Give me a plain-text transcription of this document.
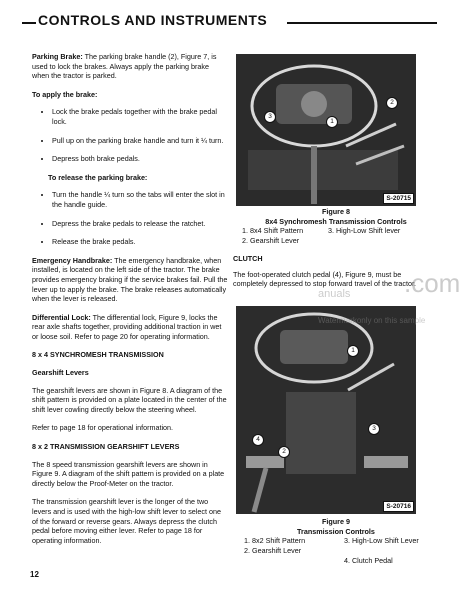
CONTROLS AND INSTRUMENTS

Parking Brake: The parking brake handle (2), Figure 7, is used to lock the brakes. Always apply the parking brake when the tractor is parked.

To apply the brake:

• Lock the brake pedals together with the brake pedal lock.
• Pull up on the parking brake handle and turn it ¼ turn.
• Depress both brake pedals.

To release the parking brake:

• Turn the handle ¼ turn so the tabs will enter the slot in the handle guide.
• Depress the brake pedals to release the ratchet.
• Release the brake pedals.

Emergency Handbrake: The emergency handbrake, when installed, is located on the left side of the tractor. The brake provides emergency braking if the service brakes fail. Pull the lever up to apply the brake. The brake releases automatically when the lever is released.

Differential Lock: The differential lock, Figure 9, locks the rear axle shafts together, providing additional traction in wet or loose soil. Refer to page 20 for operating information.

8 x 4 SYNCHROMESH TRANSMISSION

Gearshift Levers

The gearshift levers are shown in Figure 8. A diagram of the shift pattern is provided on a plate located in the center of the shift lever cowling directly below the steering wheel.

Refer to page 18 for operational information.

8 x 2 TRANSMISSION GEARSHIFT LEVERS

The 8 speed transmission gearshift levers are shown in Figure 9. A diagram of the shift pattern is provided on a plate directly below the Proof-Meter on the tractor.

The transmission gearshift lever is the longer of the two levers and is used with the high-low shift lever to select one of the forward or reverse gears. Always depress the clutch pedal before moving either lever. Refer to page 18 for operating information.

3
1
2
S-20715
Figure 8
8x4 Synchromesh Transmission Controls
1. 8x4 Shift Pattern
2. Gearshift Lever
3. High-Low Shift lever
CLUTCH
The foot-operated clutch pedal (4), Figure 9, must be completely depressed to stop forward travel of the tractor.
1
3
4
2
S-20716
Figure 9
Transmission Controls
1. 8x2 Shift Pattern
2. Gearshift Lever
3. High-Low Shift Lever
4. Clutch Pedal
12
.com
anuals
Watermarkonly on this sample
